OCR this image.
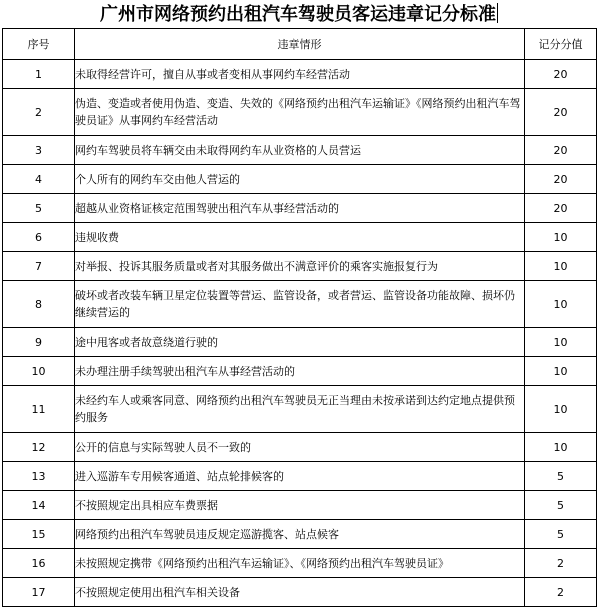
广州市网络预约出租汽车驾驶员客运违章记分标准
序号	违章情形	记分分值
1	未取得经营许可，擅自从事或者变相从事网约车经营活动	20
2	伪造、变造或者使用伪造、变造、失效的《网络预约出租汽车运输证》《网络预约出租汽车驾驶员证》从事网约车经营活动	20
3	网约车驾驶员将车辆交由未取得网约车从业资格的人员营运	20
4	个人所有的网约车交由他人营运的	20
5	超越从业资格证核定范围驾驶出租汽车从事经营活动的	20
6	违规收费	10
7	对举报、投诉其服务质量或者对其服务做出不满意评价的乘客实施报复行为	10
8	破坏或者改装车辆卫星定位装置等营运、监管设备，或者营运、监管设备功能故障、损坏仍继续营运的	10
9	途中甩客或者故意绕道行驶的	10
10	未办理注册手续驾驶出租汽车从事经营活动的	10
11	未经约车人或乘客同意、网络预约出租汽车驾驶员无正当理由未按承诺到达约定地点提供预约服务	10
12	公开的信息与实际驾驶人员不一致的	10
13	进入巡游车专用候客通道、站点轮排候客的	5
14	不按照规定出具相应车费票据	5
15	网络预约出租汽车驾驶员违反规定巡游揽客、站点候客	5
16	未按照规定携带《网络预约出租汽车运输证》、《网络预约出租汽车驾驶员证》	2
17	不按照规定使用出租汽车相关设备	2
